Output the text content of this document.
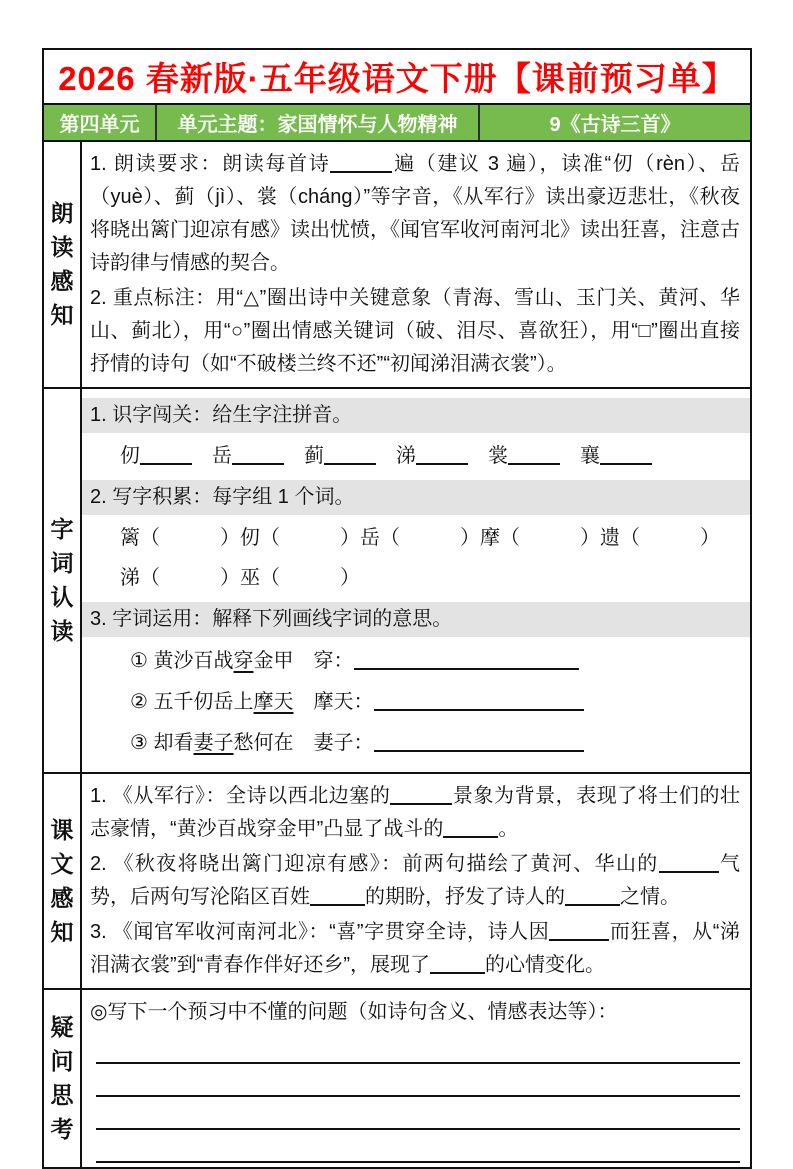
2026 春新版·五年级语文下册【课前预习单】
第四单元	单元主题：家国情怀与人物精神	9《古诗三首》
朗
读
感
知
1. 朗读要求：朗读每首诗	遍（建议 3 遍），读准“仞（rèn）、岳（yuè）、蓟（jì）、裳（cháng）”等字音，《从军行》读出豪迈悲壮，《秋夜将晓出篱门迎凉有感》读出忧愤，《闻官军收河南河北》读出狂喜，注意古诗韵律与情感的契合。
2. 重点标注：用“△”圈出诗中关键意象（青海、雪山、玉门关、黄河、华山、蓟北），用“○”圈出情感关键词（破、泪尽、喜欲狂），用“□”圈出直接抒情的诗句（如“不破楼兰终不还”“初闻涕泪满衣裳”）。
字
词
认
读
1. 识字闯关：给生字注拼音。
仞	　岳	　蓟	　涕	　裳	　襄
2. 写字积累：每字组 1 个词。
篱（　　　）仞（　　　）岳（　　　）摩（　　　）遗（　　　）
涕（　　　）巫（　　　）
3. 字词运用：解释下列画线字词的意思。
① 黄沙百战穿金甲　穿：
② 五千仞岳上摩天　摩天：
③ 却看妻子愁何在　妻子：
课
文
感
知
1. 《从军行》：全诗以西北边塞的	景象为背景，表现了将士们的壮志豪情，“黄沙百战穿金甲”凸显了战斗的	。
2. 《秋夜将晓出篱门迎凉有感》：前两句描绘了黄河、华山的	气势，后两句写沦陷区百姓	的期盼，抒发了诗人的	之情。
3. 《闻官军收河南河北》：“喜”字贯穿全诗，诗人因	而狂喜，从“涕泪满衣裳”到“青春作伴好还乡”，展现了	的心情变化。
疑
问
思
考
◎写下一个预习中不懂的问题（如诗句含义、情感表达等）：
